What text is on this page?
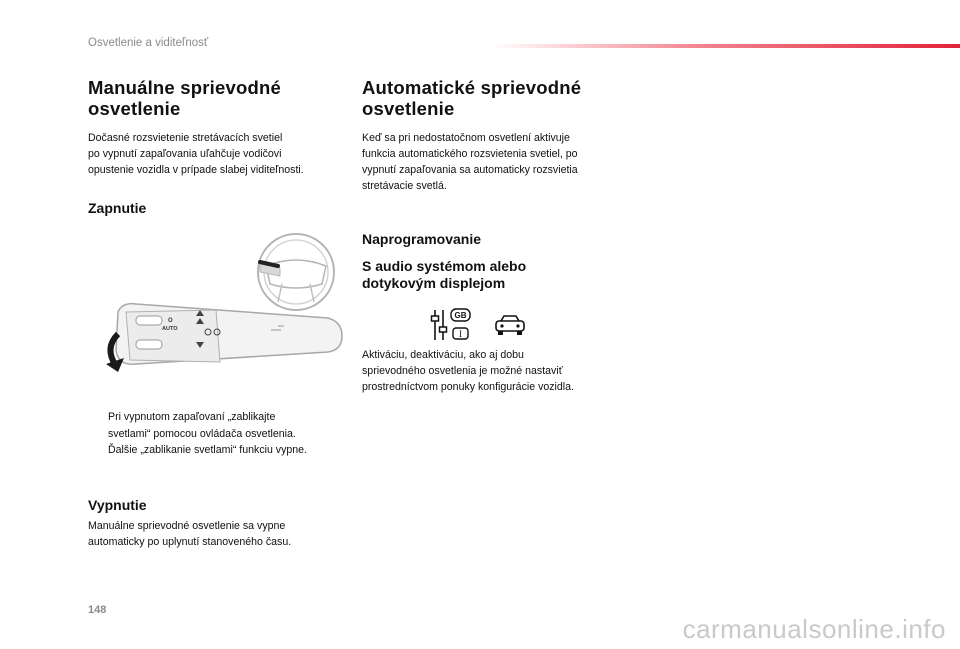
Osvetlenie a viditeľnosť
Manuálne sprievodné
osvetlenie

Dočasné rozsvietenie stretávacích svetiel
po vypnutí zapaľovania uľahčuje vodičovi
opustenie vozidla v prípade slabej viditeľnosti.

Zapnutie
O
AUTO
Pri vypnutom zapaľovaní „zablikajte
svetlami“ pomocou ovládača osvetlenia.
Ďalšie „zablikanie svetlami“ funkciu vypne.
Vypnutie

Manuálne sprievodné osvetlenie sa vypne
automaticky po uplynutí stanoveného času.

Automatické sprievodné
osvetlenie

Keď sa pri nedostatočnom osvetlení aktivuje
funkcia automatického rozsvietenia svetiel, po
vypnutí zapaľovania sa automaticky rozsvietia
stretávacie svetlá.

Naprogramovanie
S audio systémom alebo
dotykovým displejom
GB
I

Aktiváciu, deaktiváciu, ako aj dobu
sprievodného osvetlenia je možné nastaviť
prostredníctvom ponuky konfigurácie vozidla.

148
carmanualsonline.info
